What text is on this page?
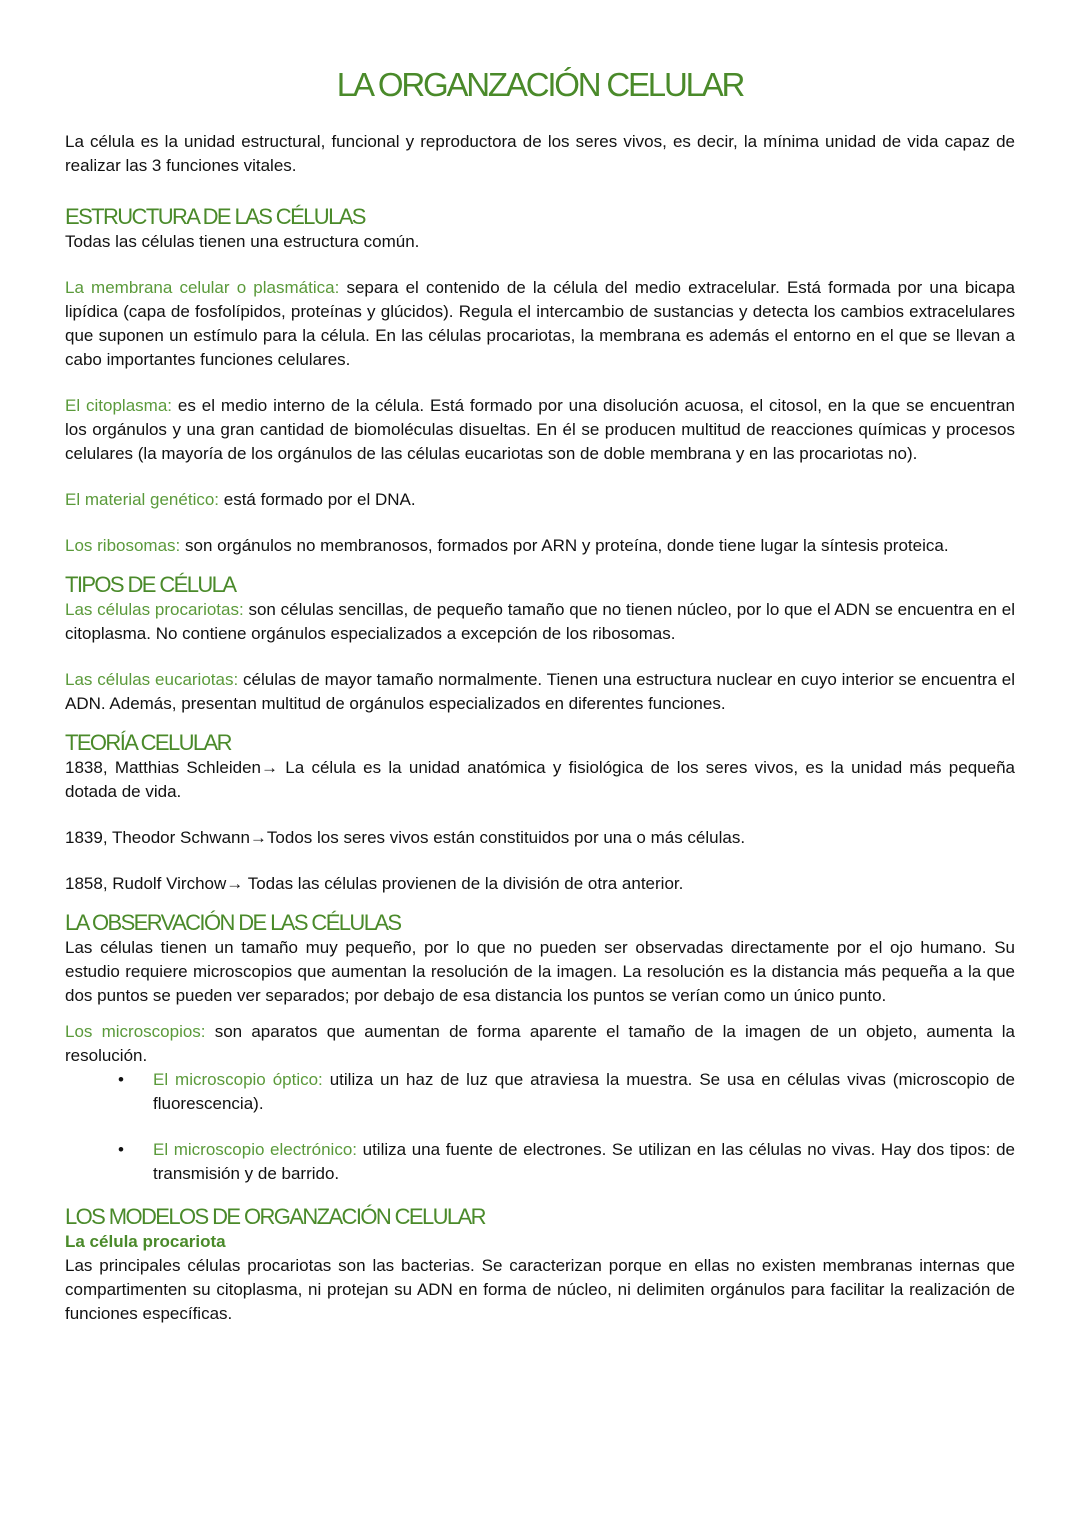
LA ORGANZACIÓN CELULAR

La célula es la unidad estructural, funcional y reproductora de los seres vivos, es decir, la mínima unidad de vida capaz de realizar las 3 funciones vitales.

ESTRUCTURA DE LAS CÉLULAS

Todas las células tienen una estructura común.

La membrana celular o plasmática: separa el contenido de la célula del medio extracelular. Está formada por una bicapa lipídica (capa de fosfolípidos, proteínas y glúcidos). Regula el intercambio de sustancias y detecta los cambios extracelulares que suponen un estímulo para la célula. En las células procariotas, la membrana es además el entorno en el que se llevan a cabo importantes funciones celulares.

El citoplasma: es el medio interno de la célula. Está formado por una disolución acuosa, el citosol, en la que se encuentran los orgánulos y una gran cantidad de biomoléculas disueltas. En él se producen multitud de reacciones químicas y procesos celulares (la mayoría de los orgánulos de las células eucariotas son de doble membrana y en las procariotas no).

El material genético: está formado por el DNA.

Los ribosomas: son orgánulos no membranosos, formados por ARN y proteína, donde tiene lugar la síntesis proteica.

TIPOS DE CÉLULA

Las células procariotas: son células sencillas, de pequeño tamaño que no tienen núcleo, por lo que el ADN se encuentra en el citoplasma. No contiene orgánulos especializados a excepción de los ribosomas.

Las células eucariotas: células de mayor tamaño normalmente. Tienen una estructura nuclear en cuyo interior se encuentra el ADN. Además, presentan multitud de orgánulos especializados en diferentes funciones.

TEORÍA CELULAR

1838, Matthias Schleiden→ La célula es la unidad anatómica y fisiológica de los seres vivos, es la unidad más pequeña dotada de vida.

1839, Theodor Schwann→Todos los seres vivos están constituidos por una o más células.

1858, Rudolf Virchow→ Todas las células provienen de la división de otra anterior.

LA OBSERVACIÓN DE LAS CÉLULAS

Las células tienen un tamaño muy pequeño, por lo que no pueden ser observadas directamente por el ojo humano. Su estudio requiere microscopios que aumentan la resolución de la imagen. La resolución es la distancia más pequeña a la que dos puntos se pueden ver separados; por debajo de esa distancia los puntos se verían como un único punto.

Los microscopios: son aparatos que aumentan de forma aparente el tamaño de la imagen de un objeto, aumenta la resolución.

• El microscopio óptico: utiliza un haz de luz que atraviesa la muestra. Se usa en células vivas (microscopio de fluorescencia).
• El microscopio electrónico: utiliza una fuente de electrones. Se utilizan en las células no vivas. Hay dos tipos: de transmisión y de barrido.
LOS MODELOS DE ORGANZACIÓN CELULAR

La célula procariota

Las principales células procariotas son las bacterias. Se caracterizan porque en ellas no existen membranas internas que compartimenten su citoplasma, ni protejan su ADN en forma de núcleo, ni delimiten orgánulos para facilitar la realización de funciones específicas.
